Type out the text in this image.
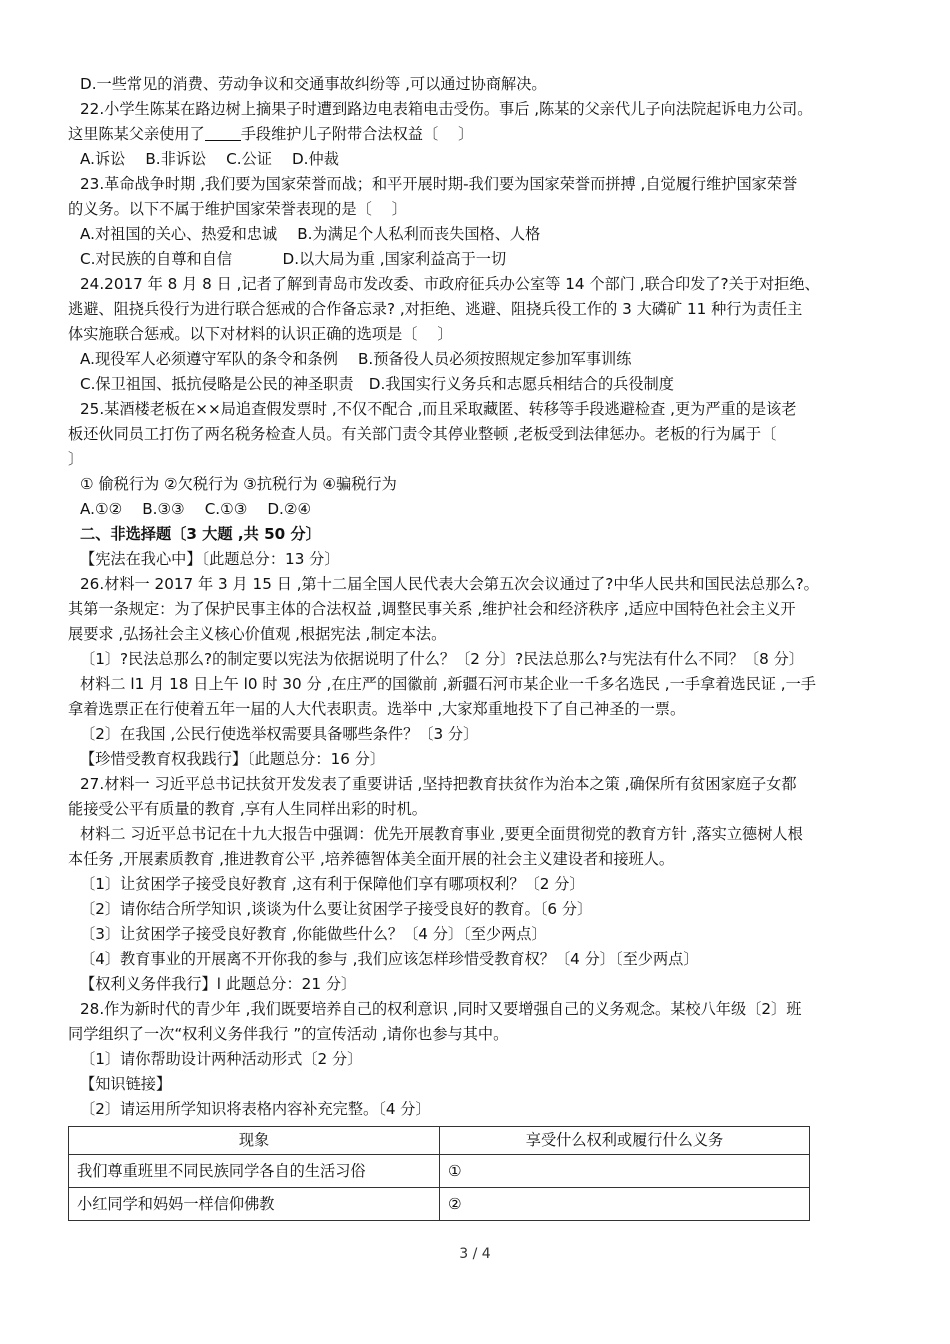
D.一些常见的消费、劳动争议和交通事故纠纷等 ,可以通过协商解决。
22.小学生陈某在路边树上摘果子时遭到路边电表箱电击受伤。事后 ,陈某的父亲代儿子向法院起诉电力公司。
这里陈某父亲使用了 手段维护儿子附带合法权益〔　 〕
A.诉讼　 B.非诉讼　 C.公证　 D.仲裁
23.革命战争时期 ,我们要为国家荣誉而战；和平开展时期-我们要为国家荣誉而拼搏 ,自觉履行维护国家荣誉
的义务。以下不属于维护国家荣誉表现的是〔　 〕
A.对祖国的关心、热爱和忠诚　 B.为满足个人私利而丧失国格、人格
C.对民族的自尊和自信　　　 D.以大局为重 ,国家利益高于一切
24.2017 年 8 月 8 日 ,记者了解到青岛市发改委、市政府征兵办公室等 14 个部门 ,联合印发了?关于对拒绝、
逃避、阻挠兵役行为进行联合惩戒的合作备忘录? ,对拒绝、逃避、阻挠兵役工作的 3 大磷矿 11 种行为责任主
体实施联合惩戒。以下对材料的认识正确的选项是〔　 〕
A.现役军人必须遵守军队的条令和条例　 B.预备役人员必须按照规定参加军事训练
C.保卫祖国、抵抗侵略是公民的神圣职责　D.我国实行义务兵和志愿兵相结合的兵役制度
25.某酒楼老板在××局追查假发票时 ,不仅不配合 ,而且采取藏匿、转移等手段逃避检查 ,更为严重的是该老
板还伙同员工打伤了两名税务检查人员。有关部门责令其停业整顿 ,老板受到法律惩办。老板的行为属于〔
〕
① 偷税行为 ②欠税行为 ③抗税行为 ④骗税行为
A.①②　 B.③③　 C.①③　 D.②④
二、非选择题〔3 大题 ,共 50 分〕
【宪法在我心中】〔此题总分：13 分〕
26.材料一 2017 年 3 月 15 日 ,第十二届全国人民代表大会第五次会议通过了?中华人民共和国民法总那么?。
其第一条规定：为了保护民事主体的合法权益 ,调整民事关系 ,维护社会和经济秩序 ,适应中国特色社会主义开
展要求 ,弘扬社会主义核心价值观 ,根据宪法 ,制定本法。
〔1〕?民法总那么?的制定要以宪法为依据说明了什么？〔2 分〕?民法总那么?与宪法有什么不同？〔8 分〕
材料二 l1 月 18 日上午 l0 时 30 分 ,在庄严的国徽前 ,新疆石河市某企业一千多名选民 ,一手拿着选民证 ,一手
拿着选票正在行使着五年一届的人大代表职责。选举中 ,大家郑重地投下了自己神圣的一票。
〔2〕在我国 ,公民行使选举权需要具备哪些条件？〔3 分〕
【珍惜受教育权我践行】〔此题总分：16 分〕
27.材料一 习近平总书记扶贫开发发表了重要讲话 ,坚持把教育扶贫作为治本之策 ,确保所有贫困家庭子女都
能接受公平有质量的教育 ,享有人生同样出彩的时机。
材料二 习近平总书记在十九大报告中强调：优先开展教育事业 ,要更全面贯彻党的教育方针 ,落实立德树人根
本任务 ,开展素质教育 ,推进教育公平 ,培养德智体美全面开展的社会主义建设者和接班人。
〔1〕让贫困学子接受良好教育 ,这有利于保障他们享有哪项权利？〔2 分〕
〔2〕请你结合所学知识 ,谈谈为什么要让贫困学子接受良好的教育。〔6 分〕
〔3〕让贫困学子接受良好教育 ,你能做些什么？〔4 分〕〔至少两点〕
〔4〕教育事业的开展离不开你我的参与 ,我们应该怎样珍惜受教育权？〔4 分〕〔至少两点〕
【权利义务伴我行】l 此题总分：21 分〕
28.作为新时代的青少年 ,我们既要培养自己的权利意识 ,同时又要增强自己的义务观念。某校八年级〔2〕班
同学组织了一次“权利义务伴我行 ”的宣传活动 ,请你也参与其中。
〔1〕请你帮助设计两种活动形式〔2 分〕
【知识链接】
〔2〕请运用所学知识将表格内容补充完整。〔4 分〕
现象	享受什么权利或履行什么义务
我们尊重班里不同民族同学各自的生活习俗	①
小红同学和妈妈一样信仰佛教	②
3 / 4
